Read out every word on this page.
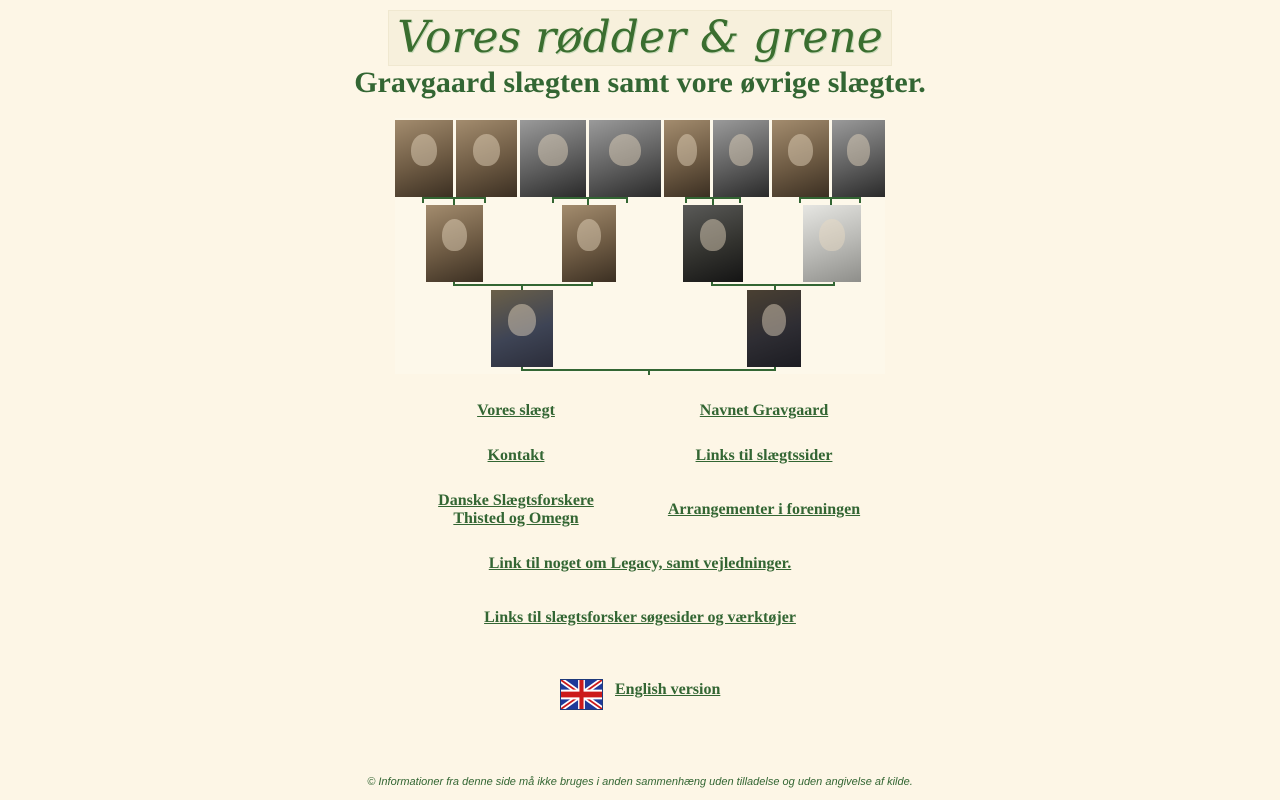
Vores rødder & grene
Gravgaard slægten samt vore øvrige slægter.
Vores slægt	Navnet Gravgaard
Kontakt	Links til slægtssider
Danske Slægtsforskere
Thisted og Omegn
Arrangementer i foreningen
Link til noget om Legacy, samt vejledninger.
Links til slægtsforsker søgesider og værktøjer
English version
© Informationer fra denne side må ikke bruges i anden sammenhæng uden tilladelse og uden angivelse af kilde.
